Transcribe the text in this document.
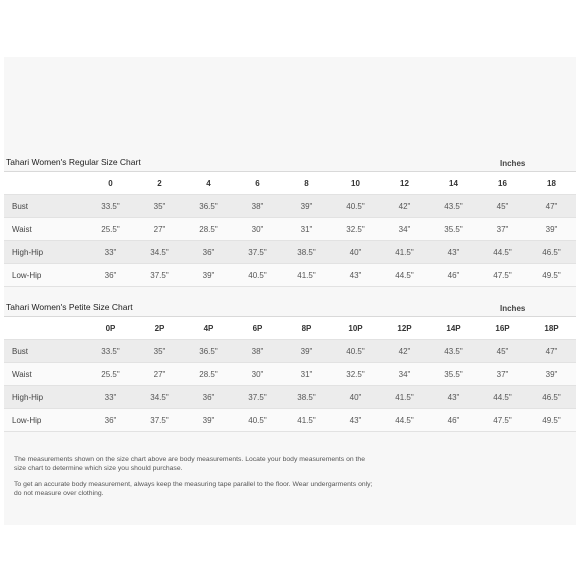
Tahari Women's Regular Size Chart	Inches
	0	2	4	6	8	10	12	14	16	18
Bust	33.5"	35"	36.5"	38"	39"	40.5"	42"	43.5"	45"	47"
Waist	25.5"	27"	28.5"	30"	31"	32.5"	34"	35.5"	37"	39"
High-Hip	33"	34.5"	36"	37.5"	38.5"	40"	41.5"	43"	44.5"	46.5"
Low-Hip	36"	37.5"	39"	40.5"	41.5"	43"	44.5"	46"	47.5"	49.5"
Tahari Women's Petite Size Chart	Inches
	0P	2P	4P	6P	8P	10P	12P	14P	16P	18P
Bust	33.5"	35"	36.5"	38"	39"	40.5"	42"	43.5"	45"	47"
Waist	25.5"	27"	28.5"	30"	31"	32.5"	34"	35.5"	37"	39"
High-Hip	33"	34.5"	36"	37.5"	38.5"	40"	41.5"	43"	44.5"	46.5"
Low-Hip	36"	37.5"	39"	40.5"	41.5"	43"	44.5"	46"	47.5"	49.5"

The measurements shown on the size chart above are body measurements. Locate your body measurements on the size chart to determine which size you should purchase.

To get an accurate body measurement, always keep the measuring tape parallel to the floor. Wear undergarments only; do not measure over clothing.
